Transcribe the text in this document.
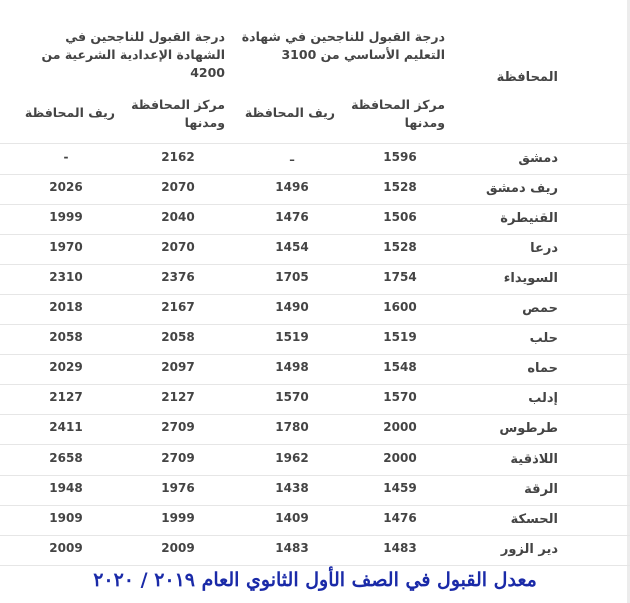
درجة القبول للناجحين في الشهادة الإعدادية الشرعية من 4200
درجة القبول للناجحين في شهادة التعليم الأساسي من 3100
المحافظة
ريف المحافظة
مركز المحافظة ومدنها
ريف المحافظة
مركز المحافظة ومدنها
دمشق
1596
ـ
2162
-
ريف دمشق
1528
1496
2070
2026
القنيطرة
1506
1476
2040
1999
درعا
1528
1454
2070
1970
السويداء
1754
1705
2376
2310
حمص
1600
1490
2167
2018
حلب
1519
1519
2058
2058
حماه
1548
1498
2097
2029
إدلب
1570
1570
2127
2127
طرطوس
2000
1780
2709
2411
اللاذقية
2000
1962
2709
2658
الرقة
1459
1438
1976
1948
الحسكة
1476
1409
1999
1909
دير الزور
1483
1483
2009
2009
معدل القبول في الصف الأول الثانوي العام ٢٠١٩ / ٢٠٢٠
